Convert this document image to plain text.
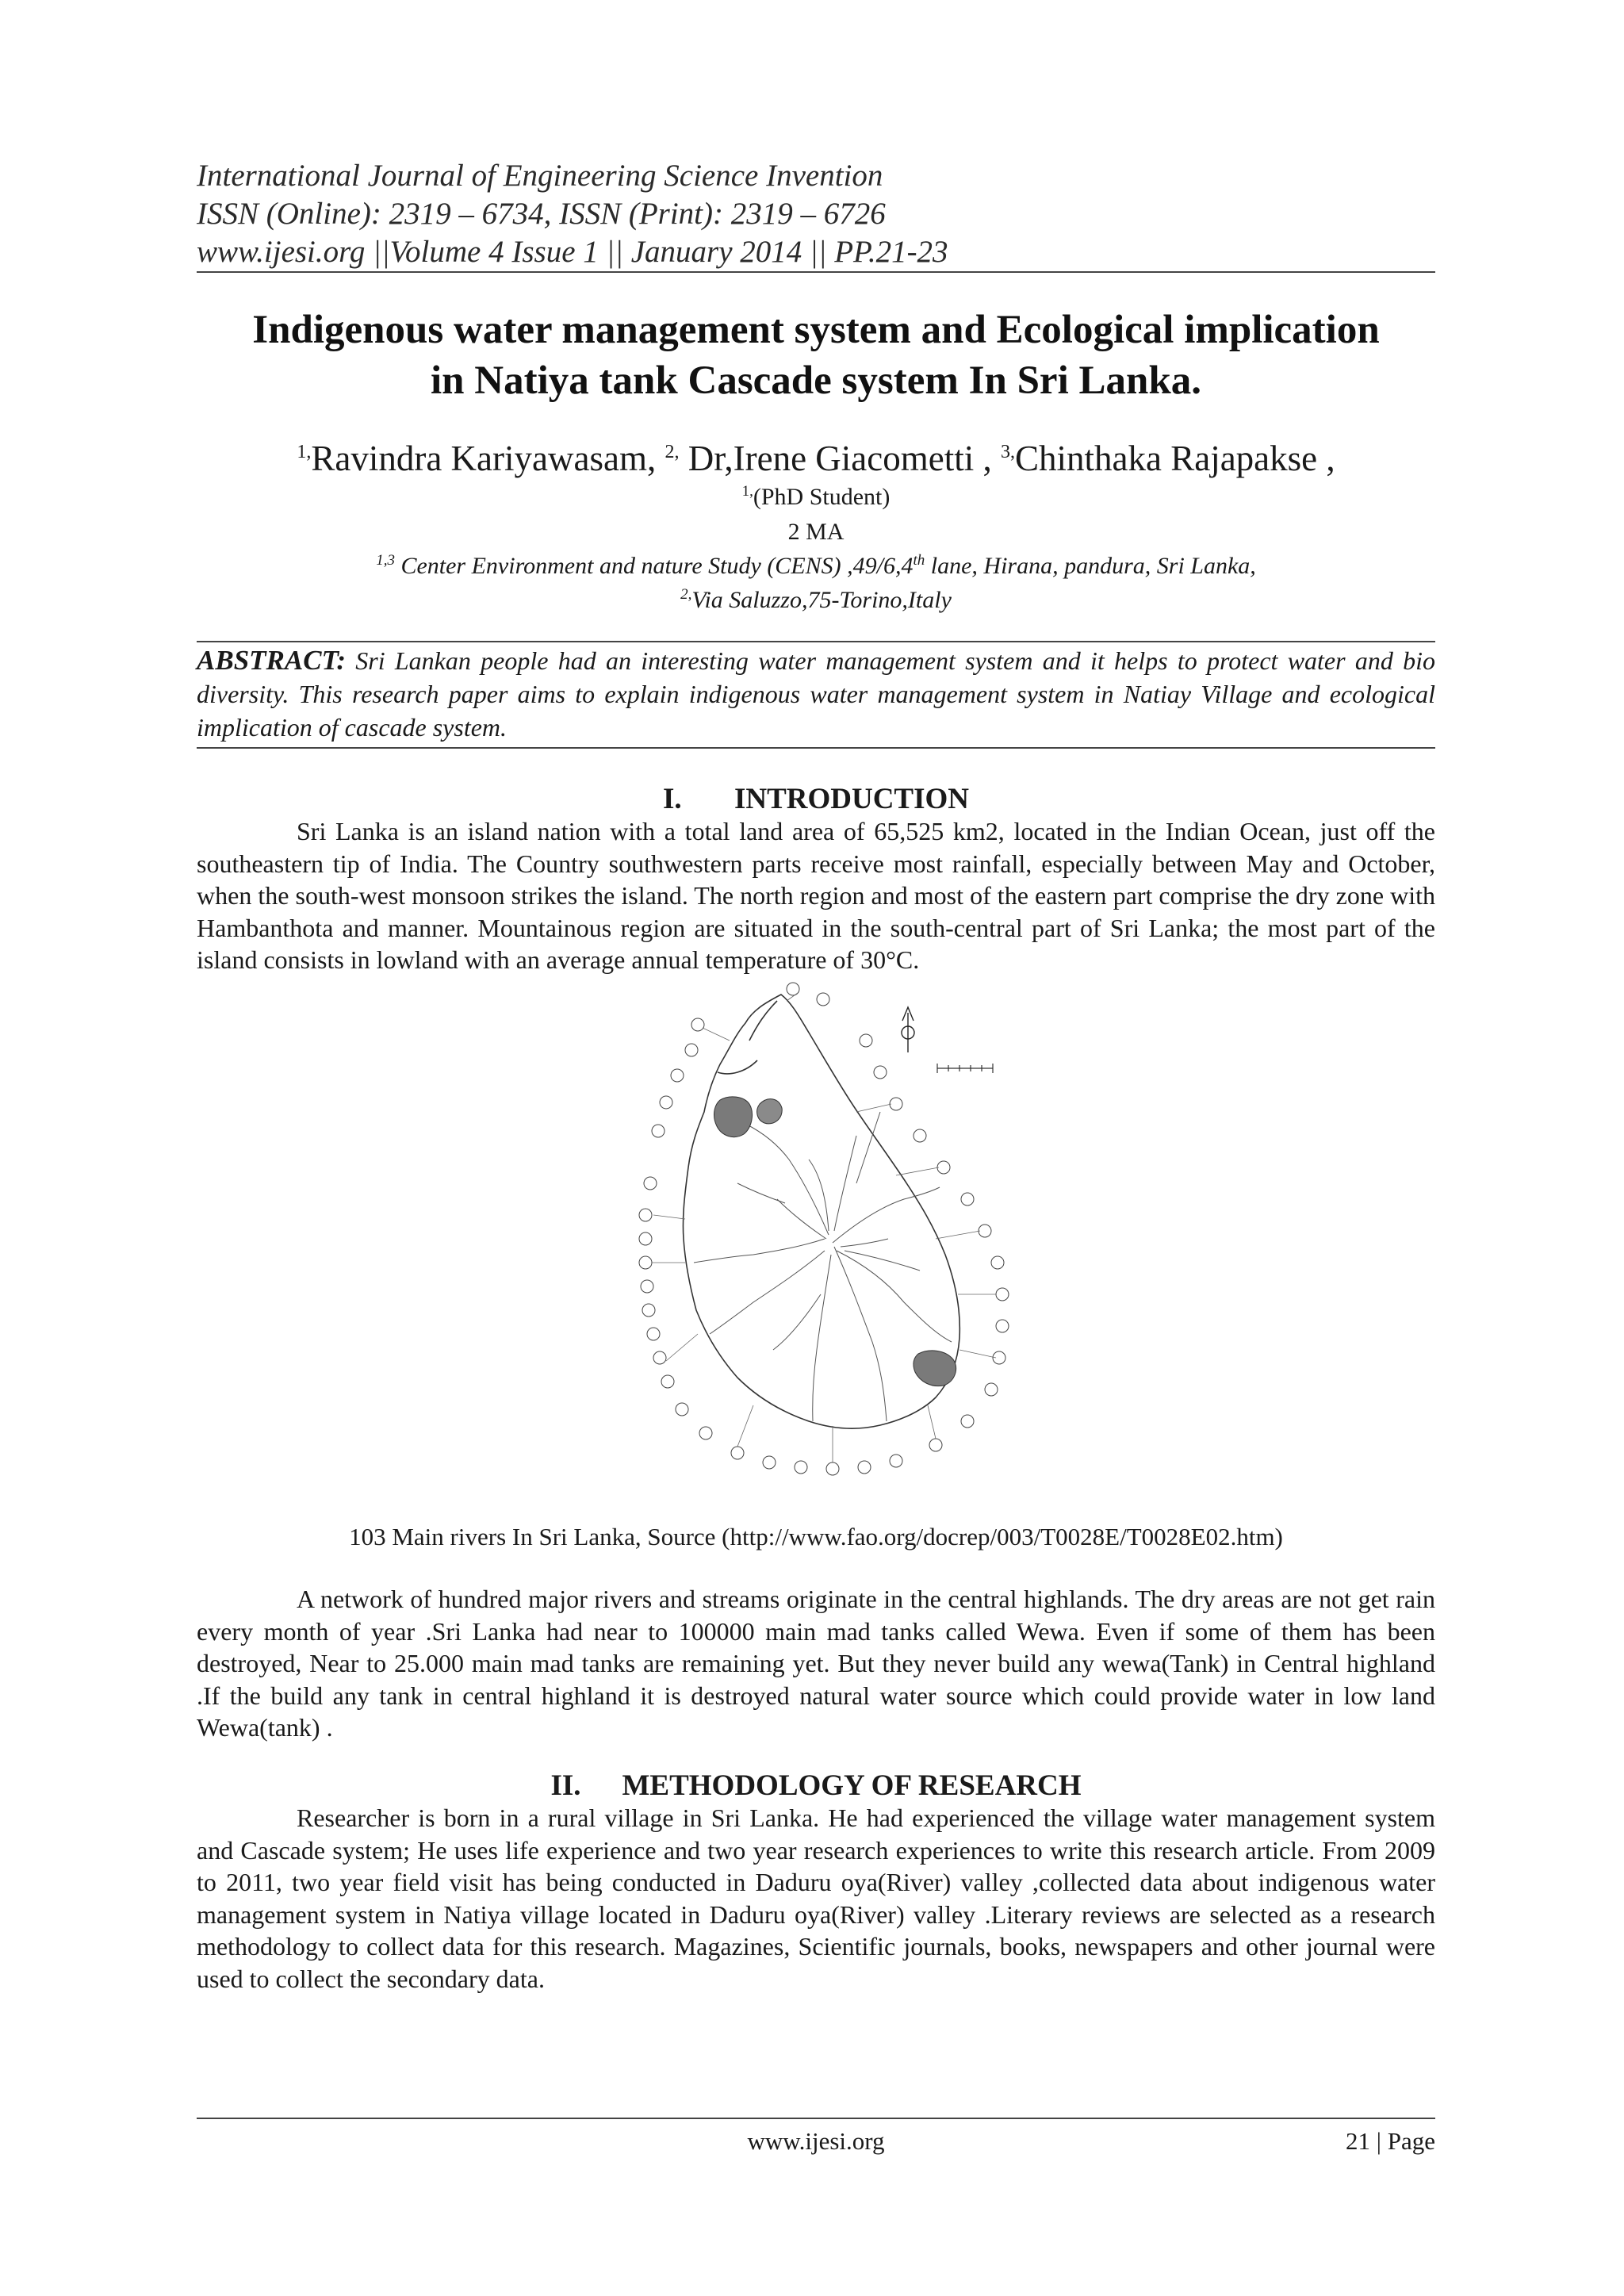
International Journal of Engineering Science Invention
ISSN (Online): 2319 – 6734, ISSN (Print): 2319 – 6726
www.ijesi.org ||Volume 4 Issue 1 || January 2014 || PP.21-23
Indigenous water management system and Ecological implication
in Natiya tank Cascade system In Sri Lanka.
$^{1,}$Ravindra Kariyawasam, $^{2,}$ Dr,Irene Giacometti , $^{3,}$Chinthaka Rajapakse ,
$^{1,}$(PhD Student)
2 MA
$^{1,3}$ Center Environment and nature Study (CENS) ,49/6,4th lane, Hirana, pandura, Sri Lanka,
$^{2,}$Via Saluzzo,75-Torino,Italy
ABSTRACT: Sri Lankan people had an interesting water management system and it helps to protect water and bio diversity. This research paper aims to explain indigenous water management system in Natiay Village and ecological implication of cascade system.
I. INTRODUCTION

Sri Lanka is an island nation with a total land area of 65,525 km2, located in the Indian Ocean, just off the southeastern tip of India. The Country southwestern parts receive most rainfall, especially between May and October, when the south-west monsoon strikes the island. The north region and most of the eastern part comprise the dry zone with Hambanthota and manner. Mountainous region are situated in the south-central part of Sri Lanka; the most part of the island consists in lowland with an average annual temperature of 30°C.

103 Main rivers In Sri Lanka, Source (http://www.fao.org/docrep/003/T0028E/T0028E02.htm)

A network of hundred major rivers and streams originate in the central highlands. The dry areas are not get rain every month of year .Sri Lanka had near to 100000 main mad tanks called Wewa. Even if some of them has been destroyed, Near to 25.000 main mad tanks are remaining yet. But they never build any wewa(Tank) in Central highland .If the build any tank in central highland it is destroyed natural water source which could provide water in low land Wewa(tank) .

II. METHODOLOGY OF RESEARCH

Researcher is born in a rural village in Sri Lanka. He had experienced the village water management system and Cascade system; He uses life experience and two year research experiences to write this research article. From 2009 to 2011, two year field visit has being conducted in Daduru oya(River) valley ,collected data about indigenous water management system in Natiya village located in Daduru oya(River) valley .Literary reviews are selected as a research methodology to collect data for this research. Magazines, Scientific journals, books, newspapers and other journal were used to collect the secondary data.

www.ijesi.org	21 | Page
